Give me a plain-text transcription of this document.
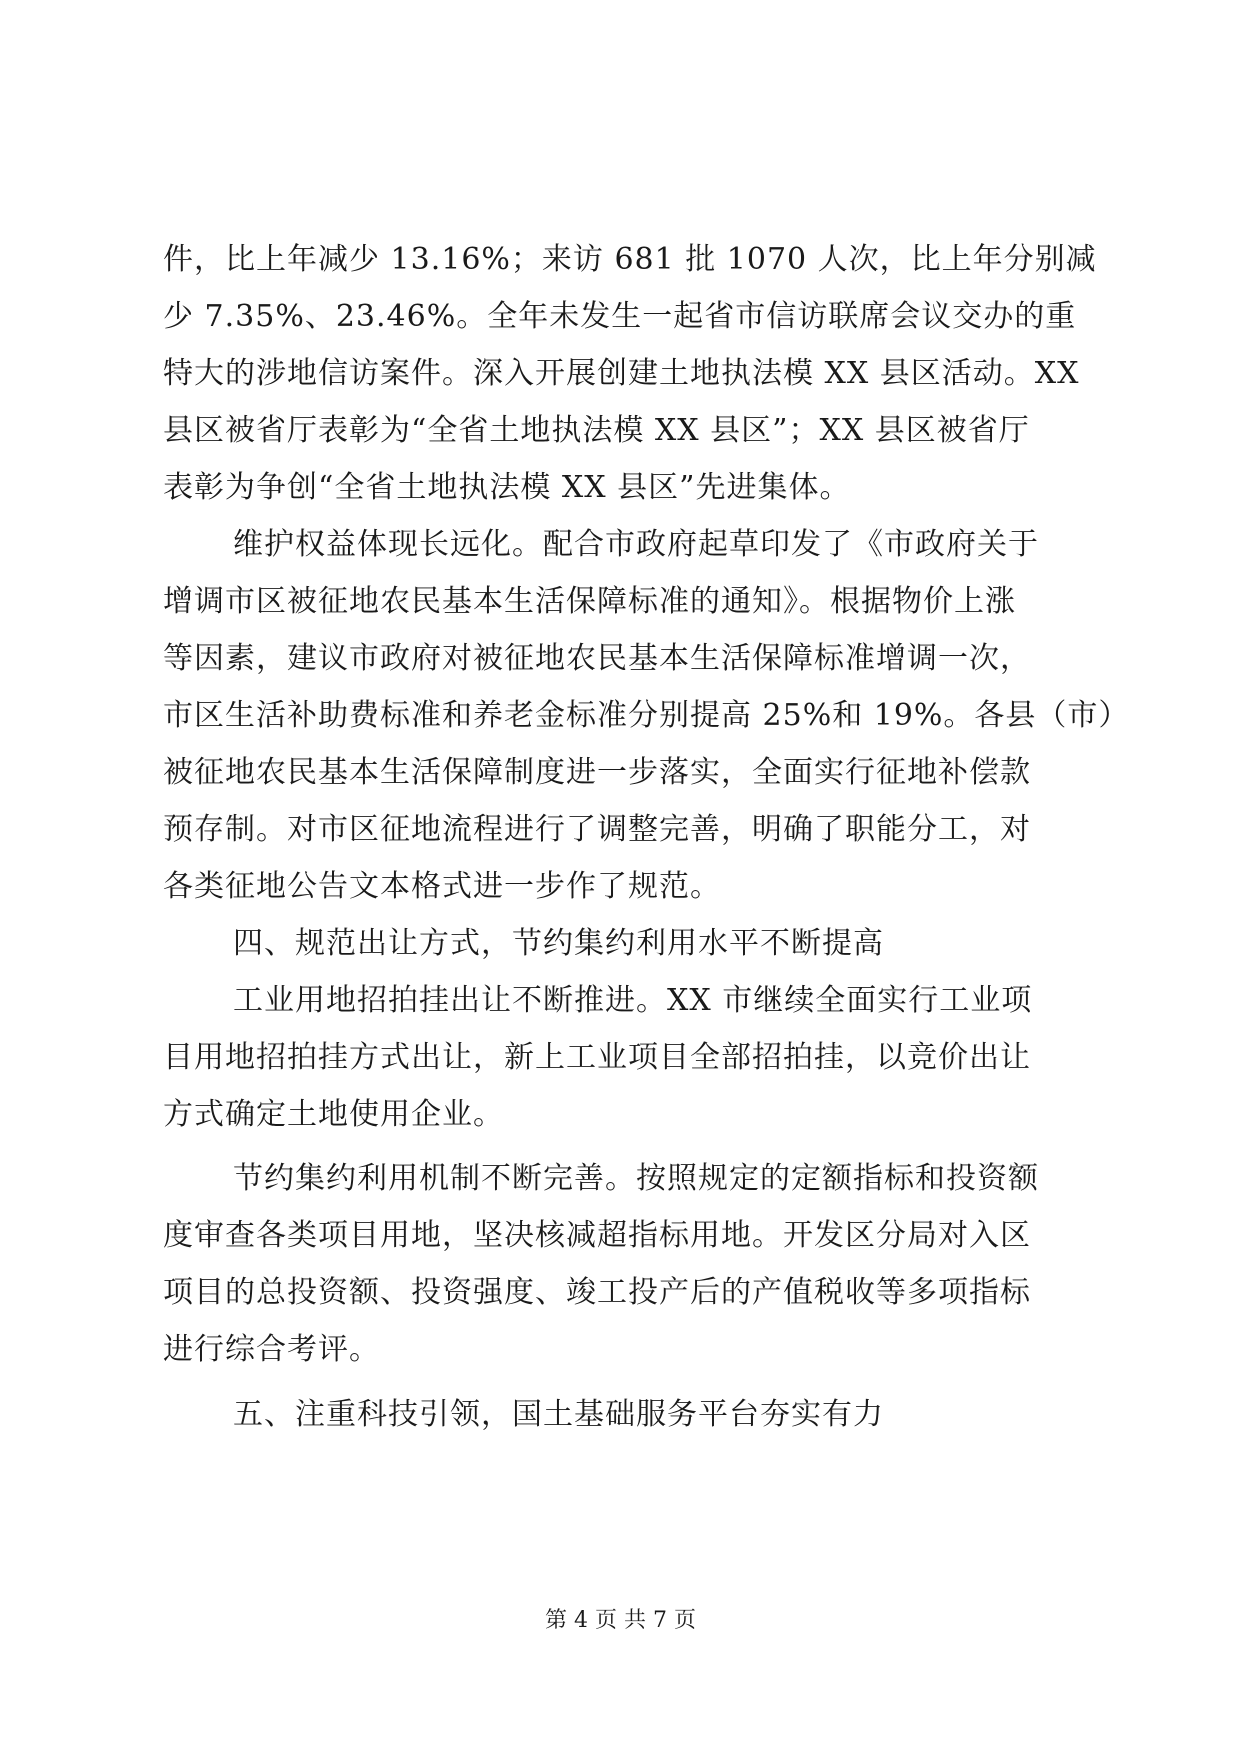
件，比上年减少 13.16%；来访 681 批 1070 人次，比上年分别减
少 7.35%、23.46%。全年未发生一起省市信访联席会议交办的重
特大的涉地信访案件。深入开展创建土地执法模 XX 县区活动。XX
县区被省厅表彰为“全省土地执法模 XX 县区”；XX 县区被省厅
表彰为争创“全省土地执法模 XX 县区”先进集体。
维护权益体现长远化。配合市政府起草印发了《市政府关于
增调市区被征地农民基本生活保障标准的通知》。根据物价上涨
等因素，建议市政府对被征地农民基本生活保障标准增调一次，
市区生活补助费标准和养老金标准分别提高 25%和 19%。各县（市）
被征地农民基本生活保障制度进一步落实，全面实行征地补偿款
预存制。对市区征地流程进行了调整完善，明确了职能分工，对
各类征地公告文本格式进一步作了规范。
四、规范出让方式，节约集约利用水平不断提高
工业用地招拍挂出让不断推进。XX 市继续全面实行工业项
目用地招拍挂方式出让，新上工业项目全部招拍挂，以竞价出让
方式确定土地使用企业。
节约集约利用机制不断完善。按照规定的定额指标和投资额
度审查各类项目用地，坚决核减超指标用地。开发区分局对入区
项目的总投资额、投资强度、竣工投产后的产值税收等多项指标
进行综合考评。
五、注重科技引领，国土基础服务平台夯实有力
第 4 页 共 7 页
